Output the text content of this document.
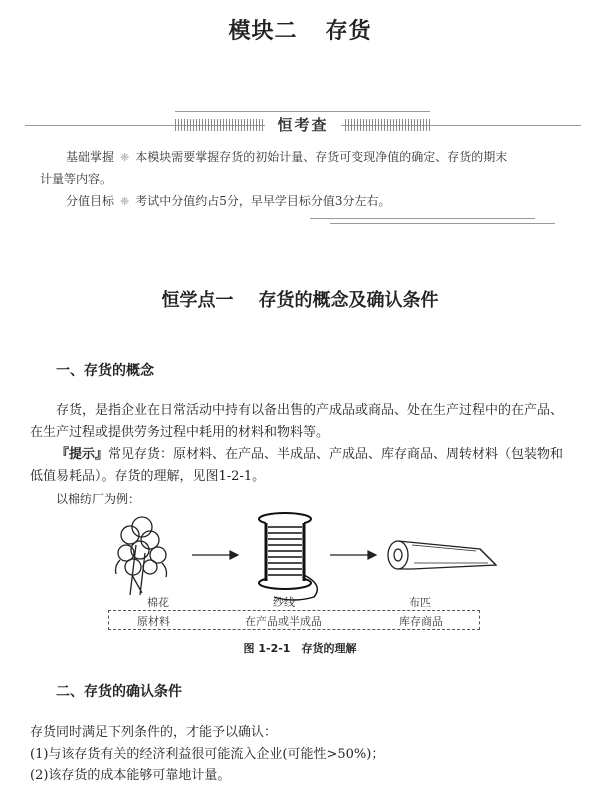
模块二 存货
恒考查
基础掌握 ❈ 本模块需要掌握存货的初始计量、存货可变现净值的确定、存货的期末
计量等内容。
分值目标 ❈ 考试中分值约占5分，早早学目标分值3分左右。
恒学点一 存货的概念及确认条件
一、存货的概念
存货，是指企业在日常活动中持有以备出售的产成品或商品、处在生产过程中的在产品、
在生产过程或提供劳务过程中耗用的材料和物料等。
『提示』常见存货：原材料、在产品、半成品、产成品、库存商品、周转材料（包装物和
低值易耗品）。存货的理解，见图1-2-1。
以棉纺厂为例：
棉花	纱线	布匹
原材料	在产品或半成品	库存商品
图 1-2-1　存货的理解
二、存货的确认条件
存货同时满足下列条件的，才能予以确认：
(1)与该存货有关的经济利益很可能流入企业(可能性>50%)；
(2)该存货的成本能够可靠地计量。
